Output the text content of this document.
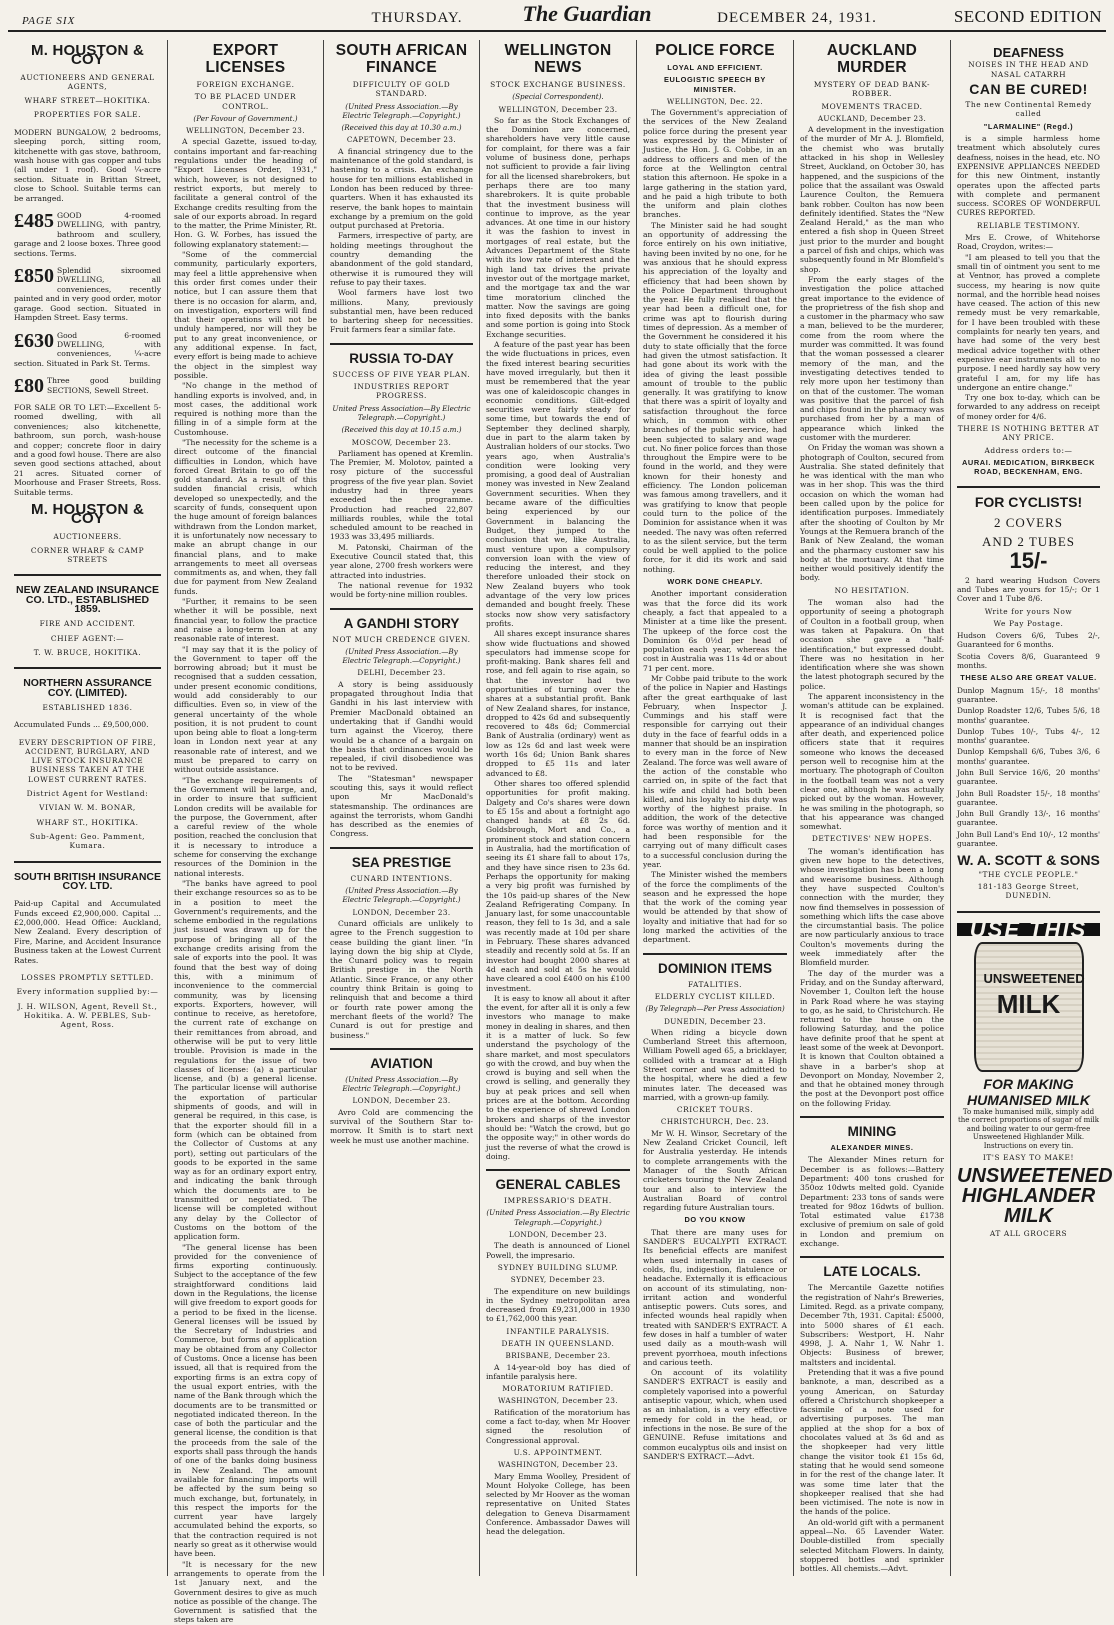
PAGE SIX	THURSDAY.	The Guardian	DECEMBER 24, 1931.	SECOND EDITION
M. HOUSTON & COY
AUCTIONEERS AND GENERAL AGENTS,
WHARF STREET—HOKITIKA.
PROPERTIES FOR SALE.
MODERN BUNGALOW, 2 bedrooms, sleeping porch, sitting room, kitchenette with gas stove, bathroom, wash house with gas copper and tubs (all under 1 roof). Good ¼-acre section. Situate in Brittan Street, close to School. Suitable terms can be arranged.
£485 GOOD 4-roomed DWELLING, with pantry, bathroom and scullery, garage and 2 loose boxes. Three good sections. Terms.
£850 Splendid sixroomed DWELLING, all conveniences, recently painted and in very good order, motor garage. Good section. Situated in Hampden Street. Easy terms.
£630 Good 6-roomed DWELLING, with conveniences, ¼-acre section. Situated in Park St. Terms.
£80 Three good building SECTIONS, Sewell Street.
FOR SALE OR TO LET:—Excellent 5-roomed dwelling, with all conveniences; also kitchenette, bathroom, sun porch, wash-house and copper; concrete floor in dairy and a good fowl house. There are also seven good sections attached, about 21 acres. Situated corner of Moorhouse and Fraser Streets, Ross. Suitable terms.
M. HOUSTON & COY
AUCTIONEERS.
CORNER WHARF & CAMP STREETS
NEW ZEALAND INSURANCE CO. LTD., ESTABLISHED 1859.
FIRE AND ACCIDENT.
CHIEF AGENT:—
T. W. BRUCE, HOKITIKA.
NORTHERN ASSURANCE COY. (LIMITED).
ESTABLISHED 1836.
Accumulated Funds ... £9,500,000.
EVERY DESCRIPTION OF FIRE, ACCIDENT, BURGLARY, AND LIVE STOCK INSURANCE BUSINESS TAKEN AT THE LOWEST CURRENT RATES.
District Agent for Westland:
VIVIAN W. M. BONAR,
WHARF ST., HOKITIKA.
Sub-Agent: Geo. Pamment, Kumara.
SOUTH BRITISH INSURANCE COY. LTD.
Paid-up Capital and Accumulated Funds exceed £2,900,000. Capital ... £2,000,000. Head Office: Auckland, New Zealand. Every description of Fire, Marine, and Accident Insurance Business taken at the Lowest Current Rates.
LOSSES PROMPTLY SETTLED.
Every information supplied by:—
J. H. WILSON, Agent, Revell St., Hokitika. A. W. PEBLES, Sub-Agent, Ross.
EXPORT LICENSES
FOREIGN EXCHANGE.
TO BE PLACED UNDER CONTROL.
(Per Favour of Government.)
WELLINGTON, December 23.

A special Gazette, issued to-day, contains important and far-reaching regulations under the heading of "Export Licenses Order, 1931," which, however, is not designed to restrict exports, but merely to facilitate a general control of the Exchange credits resulting from the sale of our exports abroad. In regard to the matter, the Prime Minister, Rt. Hon. G. W. Forbes, has issued the following explanatory statement:—

"Some of the commercial community, particularly exporters, may feel a little apprehensive when this order first comes under their notice, but I can assure them that there is no occasion for alarm, and, on investigation, exporters will find that their operations will not be unduly hampered, nor will they be put to any great inconvenience, or any additional expense. In fact, every effort is being made to achieve the object in the simplest way possible.

"No change in the method of handling exports is involved, and, in most cases, the additional work required is nothing more than the filling in of a simple form at the Customhouse.

"The necessity for the scheme is a direct outcome of the financial difficulties in London, which have forced Great Britain to go off the gold standard. As a result of this sudden financial crisis, which developed so unexpectedly, and the scarcity of funds, consequent upon the huge amount of foreign balances withdrawn from the London market, it is unfortunately now necessary to make an abrupt change in our financial plans, and to make arrangements to meet all overseas commitments as, and when, they fall due for payment from New Zealand funds.

"Further, it remains to be seen whether it will be possible, next financial year, to follow the practice and raise a long-term loan at any reasonable rate of interest.

"I may say that it is the policy of the Government to taper off the borrowing abroad; but it must be recognised that a sudden cessation, under present economic conditions, would add considerably to our difficulties. Even so, in view of the general uncertainty of the whole position, it is not prudent to count upon being able to float a long-term loan in London next year at any reasonable rate of interest, and we must be prepared to carry on without outside assistance.

"The exchange requirements of the Government will be large, and, in order to insure that sufficient London credits will be available for the purpose, the Government, after a careful review of the whole position, reached the conclusion that it is necessary to introduce a scheme for conserving the exchange resources of the Dominion in the national interests.

"The banks have agreed to pool their exchange resources so as to be in a position to meet the Government's requirements, and the scheme embodied in the regulations just issued was drawn up for the purpose of bringing all of the exchange credits arising from the sale of exports into the pool. It was found that the best way of doing this, with a minimum of inconvenience to the commercial community, was by licensing exports. Exporters, however, will continue to receive, as heretofore, the current rate of exchange on their remittances from abroad, and otherwise will be put to very little trouble. Provision is made in the regulations for the issue of two classes of license: (a) a particular license, and (b) a general license. The particular license will authorise the exportation of particular shipments of goods, and will in general be required, in this case, is that the exporter should fill in a form (which can be obtained from the Collector of Customs at any port), setting out particulars of the goods to be exported in the same way as for an ordinary export entry, and indicating the bank through which the documents are to be transmitted or negotiated. The license will be completed without any delay by the Collector of Customs on the bottom of the application form.

"The general license has been provided for the convenience of firms exporting continuously. Subject to the acceptance of the few straightforward conditions laid down in the Regulations, the license will give freedom to export goods for a period to be fixed in the license. General licenses will be issued by the Secretary of Industries and Commerce, but forms of application may be obtained from any Collector of Customs. Once a license has been issued, all that is required from the exporting firms is an extra copy of the usual export entries, with the name of the Bank through which the documents are to be transmitted or negotiated indicated thereon. In the case of both the particular and the general license, the condition is that the proceeds from the sale of the exports shall pass through the hands of one of the banks doing business in New Zealand. The amount available for financing imports will be affected by the sum being so much exchange, but, fortunately, in this respect the imports for the current year have largely accumulated behind the exports, so that the contraction required is not nearly so great as it otherwise would have been.

"It is necessary for the new arrangements to operate from the 1st January next, and the Government desires to give as much notice as possible of the change. The Government is satisfied that the steps taken are

SOUTH AFRICAN FINANCE
DIFFICULTY OF GOLD STANDARD.
(United Press Association.—By Electric Telegraph.—Copyright.)
(Received this day at 10.30 a.m.)
CAPETOWN, December 23.

A financial stringency due to the maintenance of the gold standard, is hastening to a crisis. An exchange house for ten millions established in London has been reduced by three-quarters. When it has exhausted its reserve, the bank hopes to maintain exchange by a premium on the gold output purchased at Pretoria.

Farmers, irrespective of party, are holding meetings throughout the country demanding the abandonment of the gold standard, otherwise it is rumoured they will refuse to pay their taxes.

Wool farmers have lost two millions. Many, previously substantial men, have been reduced to bartering sheep for necessities. Fruit farmers fear a similar fate.

RUSSIA TO-DAY
SUCCESS OF FIVE YEAR PLAN.
INDUSTRIES REPORT PROGRESS.
United Press Association—By Electric Telegraph.—Copyright.)
(Received this day at 10.15 a.m.)
MOSCOW, December 23.

Parliament has opened at Kremlin. The Premier, M. Molotov, painted a rosy picture of the successful progress of the five year plan. Soviet industry had in three years exceeded the programme. Production had reached 22,807 milliards roubles, while the total scheduled amount to be reached in 1933 was 33,495 milliards.

M. Patonski, Chairman of the Executive Council stated that, this year alone, 2700 fresh workers were attracted into industries.

The national revenue for 1932 would be forty-nine million roubles.

A GANDHI STORY
NOT MUCH CREDENCE GIVEN.
(United Press Association.—By Electric Telegraph.—Copyright.)
DELHI, December 23.

A story is being assiduously propagated throughout India that Gandhi in his last interview with Premier MacDonald obtained an undertaking that if Gandhi would turn against the Viceroy, there would be a chance of a bargain on the basis that ordinances would be repealed, if civil disobedience was not to be revived.

The "Statesman" newspaper scouting this, says it would reflect upon Mr MacDonald's statesmanship. The ordinances are against the terrorists, whom Gandhi has described as the enemies of Congress.

SEA PRESTIGE
CUNARD INTENTIONS.
(United Press Association.—By Electric Telegraph.—Copyright.)
LONDON, December 23.

Cunard officials are unlikely to agree to the French suggestion to cease building the giant liner. "In laying down the big ship at Clyde, the Cunard policy was to regain British prestige in the North Atlantic. Since France, or any other country think Britain is going to relinquish that and become a third or fourth rate power among the merchant fleets of the world? The Cunard is out for prestige and business."

AVIATION
(United Press Association.—By Electric Telegraph.—Copyright.)
LONDON, December 23.

Avro Cold are commencing the survival of the Southern Star to-morrow. It Smith is to start next week he must use another machine.

WELLINGTON NEWS
STOCK EXCHANGE BUSINESS.
(Special Correspondent).
WELLINGTON, December 23.

So far as the Stock Exchanges of the Dominion are concerned, shareholders have very little cause for complaint, for there was a fair volume of business done, perhaps not sufficient to provide a fair living for all the licensed sharebrokers, but perhaps there are too many sharebrokers. It is quite probable that the investment business will continue to improve, as the year advances. At one time in our history it was the fashion to invest in mortgages of real estate, but the Advances Department of the State with its low rate of interest and the high land tax drives the private investor out of the mortgage market, and the mortgage tax and the war time moratorium clinched the matter. Now the savings are going into fixed deposits with the banks and some portion is going into Stock Exchange securities.

A feature of the past year has been the wide fluctuations in prices, even the fixed interest bearing securities have moved irregularly, but then it must be remembered that the year was one of kaleidoscopic changes in economic conditions. Gilt-edged securities were fairly steady for some time, but towards the end of September they declined sharply, due in part to the alarm taken by Australian holders of our stocks. Two years ago, when Australia's condition were looking very promising, a good deal of Australian money was invested in New Zealand Government securities. When they became aware of the difficulties being experienced by our Government in balancing the Budget, they jumped to the conclusion that we, like Australia, must venture upon a compulsory conversion loan with the view of reducing the interest, and they therefore unloaded their stock on New Zealand buyers who took advantage of the very low prices demanded and bought freely. These stocks now show very satisfactory profits.

All shares except insurance shares show wide fluctuations and showed speculators had immense scope for profit-making. Bank shares fell and rose, and fell again to rise again, so that the investor had two opportunities of turning over the shares at a substantial profit. Bank of New Zealand shares, for instance, dropped to 42s 6d and subsequently recovered to 48s 6d; Commercial Bank of Australia (ordinary) went as low as 12s 6d and last week were worth 16s 6d; Union Bank shares dropped to £5 11s and later advanced to £8.

Other shares too offered splendid opportunities for profit making. Dalgety and Co's shares were down to £5 15s and about a fortnight ago changed hands at £8 2s 6d. Goldsbrough, Mort and Co., a prominent stock and station concern in Australia, had the mortification of seeing its £1 share fall to about 17s, and they have since risen to 23s 6d. Perhaps the opportunity for making a very big profit was furnished by the 10s paid-up shares of the New Zealand Refrigerating Company. In January last, for some unaccountable reason, they fell to 1s 3d, and a sale was recently made at 10d per share in February. These shares advanced steadily and recently sold at 5s. If an investor had bought 2000 shares at 4d each and sold at 5s he would have cleared a cool £400 on his £100 investment.

It is easy to know all about it after the event, for after all it is only a few investors who manage to make money in dealing in shares, and then it is a matter of luck. So few understand the psychology of the share market, and most speculators go with the crowd, and buy when the crowd is buying and sell when the crowd is selling, and generally they buy at peak prices and sell when prices are at the bottom. According to the experience of shrewd London brokers and sharps of the investor should be: "Watch the crowd, but go the opposite way;" in other words do just the reverse of what the crowd is doing.

GENERAL CABLES
IMPRESSARIO'S DEATH.
(United Press Association.—By Electric Telegraph.—Copyright.)
LONDON, December 23.

The death is announced of Lionel Powell, the impresario.

SYDNEY BUILDING SLUMP.
SYDNEY, December 23.

The expenditure on new buildings in the Sydney metropolitan area decreased from £9,231,000 in 1930 to £1,762,000 this year.

INFANTILE PARALYSIS.
DEATH IN QUEENSLAND.
BRISBANE, December 23.

A 14-year-old boy has died of infantile paralysis here.

MORATORIUM RATIFIED.
WASHINGTON, December 23.

Ratification of the moratorium has come a fact to-day, when Mr Hoover signed the resolution of Congressional approval.

U.S. APPOINTMENT.
WASHINGTON, December 23.

Mary Emma Woolley, President of Mount Holyoke College, has been selected by Mr Hoover as the woman representative on United States delegation to Geneva Disarmament Conference. Ambassador Dawes will head the delegation.

POLICE FORCE
LOYAL AND EFFICIENT.
EULOGISTIC SPEECH BY MINISTER.
WELLINGTON, Dec. 22.

The Government's appreciation of the services of the New Zealand police force during the present year was expressed by the Minister of Justice, the Hon. J. G. Cobbe, in an address to officers and men of the force at the Wellington central station this afternoon. He spoke in a large gathering in the station yard, and he paid a high tribute to both the uniform and plain clothes branches.

The Minister said he had sought an opportunity of addressing the force entirely on his own initiative, having been invited by no one, for he was anxious that he should express his appreciation of the loyalty and efficiency that had been shown by the Police Department throughout the year. He fully realised that the year had been a difficult one, for crime was apt to flourish during times of depression. As a member of the Government he considered it his duty to state officially that the force had given the utmost satisfaction. It had gone about its work with the idea of giving the least possible amount of trouble to the public generally. It was gratifying to know that there was a spirit of loyalty and satisfaction throughout the force which, in common with other branches of the public service, had been subjected to salary and wage cut. No finer police forces than those throughout the Empire were to be found in the world, and they were known for their honesty and efficiency. The London policeman was famous among travellers, and it was gratifying to know that people could turn to the police of the Dominion for assistance when it was needed. The navy was often referred to as the silent service, but the term could be well applied to the police force, for it did its work and said nothing.

WORK DONE CHEAPLY.

Another important consideration was that the force did its work cheaply, a fact that appealed to a Minister at a time like the present. The upkeep of the force cost the Dominion 6s 0½d per head of population each year, whereas the cost in Australia was 11s 4d or about 71 per cent. more.

Mr Cobbe paid tribute to the work of the police in Napier and Hastings after the great earthquake of last February, when Inspector J. Cummings and his staff were responsible for carrying out their duty in the face of fearful odds in a manner that should be an inspiration to every man in the force of New Zealand. The force was well aware of the action of the constable who carried on, in spite of the fact that his wife and child had both been killed, and his loyalty to his duty was worthy of the highest praise. In addition, the work of the detective force was worthy of mention and it had been responsible for the carrying out of many difficult cases to a successful conclusion during the year.

The Minister wished the members of the force the compliments of the season and he expressed the hope that the work of the coming year would be attended by that show of loyalty and initiative that had for so long marked the activities of the department.

DOMINION ITEMS
FATALITIES.
ELDERLY CYCLIST KILLED.
(By Telegraph—Per Press Association)
DUNEDIN, December 23.

When riding a bicycle down Cumberland Street this afternoon, William Powell aged 65, a bricklayer, collided with a tramcar at a High Street corner and was admitted to the hospital, where he died a few minutes later. The deceased was married, with a grown-up family.

CRICKET TOURS.
CHRISTCHURCH, Dec. 23.

Mr W. H. Winsor, Secretary of the New Zealand Cricket Council, left for Australia yesterday. He intends to complete arrangements with the Manager of the South African cricketers touring the New Zealand tour and also to interview the Australian Board of control regarding future Australian tours.

DO YOU KNOW

That there are many uses for SANDER'S EUCALYPTI EXTRACT. Its beneficial effects are manifest when used internally in cases of colds, flu, indigestion, flatulence or headache. Externally it is efficacious on account of its stimulating, non-irritant action and wonderful antiseptic powers. Cuts sores, and infected wounds heal rapidly when treated with SANDER'S EXTRACT. A few doses in half a tumbler of water used daily as a mouth-wash will prevent pyorrhoea, mouth infections and carious teeth.

On account of its volatility SANDER'S EXTRACT is easily and completely vaporised into a powerful antiseptic vapour, which, when used as an inhalation, is a very effective remedy for cold in the head, or infections in the nose. Be sure of the GENUINE. Refuse imitations and common eucalyptus oils and insist on SANDER'S EXTRACT.—Advt.

AUCKLAND MURDER
MYSTERY OF DEAD BANK-ROBBER.
MOVEMENTS TRACED.
AUCKLAND, December 23.

A development in the investigation of the murder of Mr A. J. Blomfield, the chemist who was brutally attacked in his shop in Wellesley Street, Auckland, on October 30, has happened, and the suspicions of the police that the assailant was Oswald Laurence Coulton, the Remuera bank robber. Coulton has now been definitely identified. States the "New Zealand Herald," as the man who entered a fish shop in Queen Street just prior to the murder and bought a parcel of fish and chips, which was subsequently found in Mr Blomfield's shop.

From the early stages of the investigation the police attached great importance to the evidence of the proprietress of the fish shop and a customer in the pharmacy who saw a man, believed to be the murderer, come from the room where the murder was committed. It was found that the woman possessed a clearer memory of the man, and the investigating detectives tended to rely more upon her testimony than on that of the customer. The woman was positive that the parcel of fish and chips found in the pharmacy was purchased from her by a man of appearance which linked the customer with the murderer.

On Friday the woman was shown a photograph of Coulton, secured from Australia. She stated definitely that he was identical with the man who was in her shop. This was the third occasion on which the woman had been called upon by the police for identification purposes. Immediately after the shooting of Coulton by Mr Youngs at the Remuera branch of the Bank of New Zealand, the woman and the pharmacy customer saw his body at the mortuary. At that time neither would positively identify the body.

NO HESITATION.

The woman also had the opportunity of seeing a photograph of Coulton in a football group, when was taken at Papakura. On that occasion she gave a "half-identification," but expressed doubt. There was no hesitation in her identification where she was shown the latest photograph secured by the police.

The apparent inconsistency in the woman's attitude can be explained. It is recognised fact that the appearance of an individual changes after death, and experienced police officers state that it requires someone who knows the deceased person well to recognise him at the mortuary. The photograph of Coulton in the football team was not a very clear one, although he was actually picked out by the woman. However, he was smiling in the photograph, so that his appearance was changed somewhat.

DETECTIVES' NEW HOPES.

The woman's identification has given new hope to the detectives, whose investigation has been a long and wearisome business. Although they have suspected Coulton's connection with the murder, they now find themselves in possession of something which lifts the case above the circumstantial basis. The police are now particularly anxious to trace Coulton's movements during the week immediately after the Blomfield murder.

The day of the murder was a Friday, and on the Sunday afterward, November 1, Coulton left the house in Park Road where he was staying to go, as he said, to Christchurch. He returned to the house on the following Saturday, and the police have definite proof that he spent at least some of the week at Devonport. It is known that Coulton obtained a shave in a barber's shop at Devonport on Monday, November 2, and that he obtained money through the post at the Devonport post office on the following Friday.

MINING
ALEXANDER MINES.

The Alexander Mines return for December is as follows:—Battery Department: 400 tons crushed for 350oz 10dwts melted gold. Cyanide Department: 233 tons of sands were treated for 98oz 16dwts of bullion. Total estimated value £1738 exclusive of premium on sale of gold in London and premium on exchange.

LATE LOCALS.

The Mercantile Gazette notifies the registration of Nahr's Breweries, Limited. Regd. as a private company, December 7th, 1931. Capital: £5000, into 5000 shares of £1 each. Subscribers: Westport, H. Nahr 4998, J. A. Nahr 1, W. Nahr 1. Objects: Business of brewer, maltsters and incidental.

Pretending that it was a five pound banknote, a man, described as a young American, on Saturday offered a Christchurch shopkeeper a facsimile of a note used for advertising purposes. The man applied at the shop for a box of chocolates valued at 3s 6d and as the shopkeeper had very little change the visitor took £1 15s 6d, stating that he would send someone in for the rest of the change later. It was some time later that the shopkeeper realised that she had been victimised. The note is now in the hands of the police.

An old-world gift with a permanent appeal—No. 65 Lavender Water. Double-distilled from specially selected Mitcham Flowers. In dainty, stoppered bottles and sprinkler bottles. All chemists.—Advt.

DEAFNESS
NOISES IN THE HEAD AND NASAL CATARRH
CAN BE CURED!
The new Continental Remedy called
"LARMALINE" (Regd.)

is a simple harmless home treatment which absolutely cures deafness, noises in the head, etc. NO EXPENSIVE APPLIANCES NEEDED for this new Ointment, instantly operates upon the affected parts with complete and permanent success. SCORES OF WONDERFUL CURES REPORTED.

RELIABLE TESTIMONY.

Mrs E. Crowe, of Whitehorse Road, Croydon, writes:—

"I am pleased to tell you that the small tin of ointment you sent to me at Ventnor, has proved a complete success, my hearing is now quite normal, and the horrible head noises have ceased. The action of this new remedy must be very remarkable, for I have been troubled with these complaints for nearly ten years, and have had some of the very best medical advice together with other expensive ear instruments all to no purpose. I need hardly say how very grateful I am, for my life has undergone an entire change."

Try one box to-day, which can be forwarded to any address on receipt of money order for 4/6.

THERE IS NOTHING BETTER AT ANY PRICE.
Address orders to:—
AURAI. MEDICATION, BIRKBECK ROAD, BECKENHAM, ENG.
FOR CYCLISTS!
2 COVERS
AND 2 TUBES
15/-

2 hard wearing Hudson Covers and Tubes are yours for 15/-; Or 1 Cover and 1 Tube 8/6.

Write for yours Now
We Pay Postage.
Hudson Covers 6/6, Tubes 2/-, Guaranteed for 6 months.
Scotia Covers 8/6, Guaranteed 9 months.
THESE ALSO ARE GREAT VALUE.
Dunlop Magnum 15/-, 18 months' guarantee.
Dunlop Roadster 12/6, Tubes 5/6, 18 months' guarantee.
Dunlop Tubes 10/-, Tubs 4/-, 12 months' guarantee.
Dunlop Kempshall 6/6, Tubes 3/6, 6 months' guarantee.
John Bull Service 16/6, 20 months' guarantee.
John Bull Roadster 15/-, 18 months' guarantee.
John Bull Grandly 13/-, 16 months' guarantee.
John Bull Land's End 10/-, 12 months' guarantee.
W. A. SCOTT & SONS
"THE CYCLE PEOPLE."
181-183 George Street, DUNEDIN.
USE THIS
UNSWEETENED
MILK
FOR MAKING HUMANISED MILK
To make humanised milk, simply add the correct proportions of sugar of milk and boiling water to our germ-free Unsweetened Highlander Milk. Instructions on every tin.
IT'S EASY TO MAKE!
UNSWEETENED
HIGHLANDER
MILK
AT ALL GROCERS
